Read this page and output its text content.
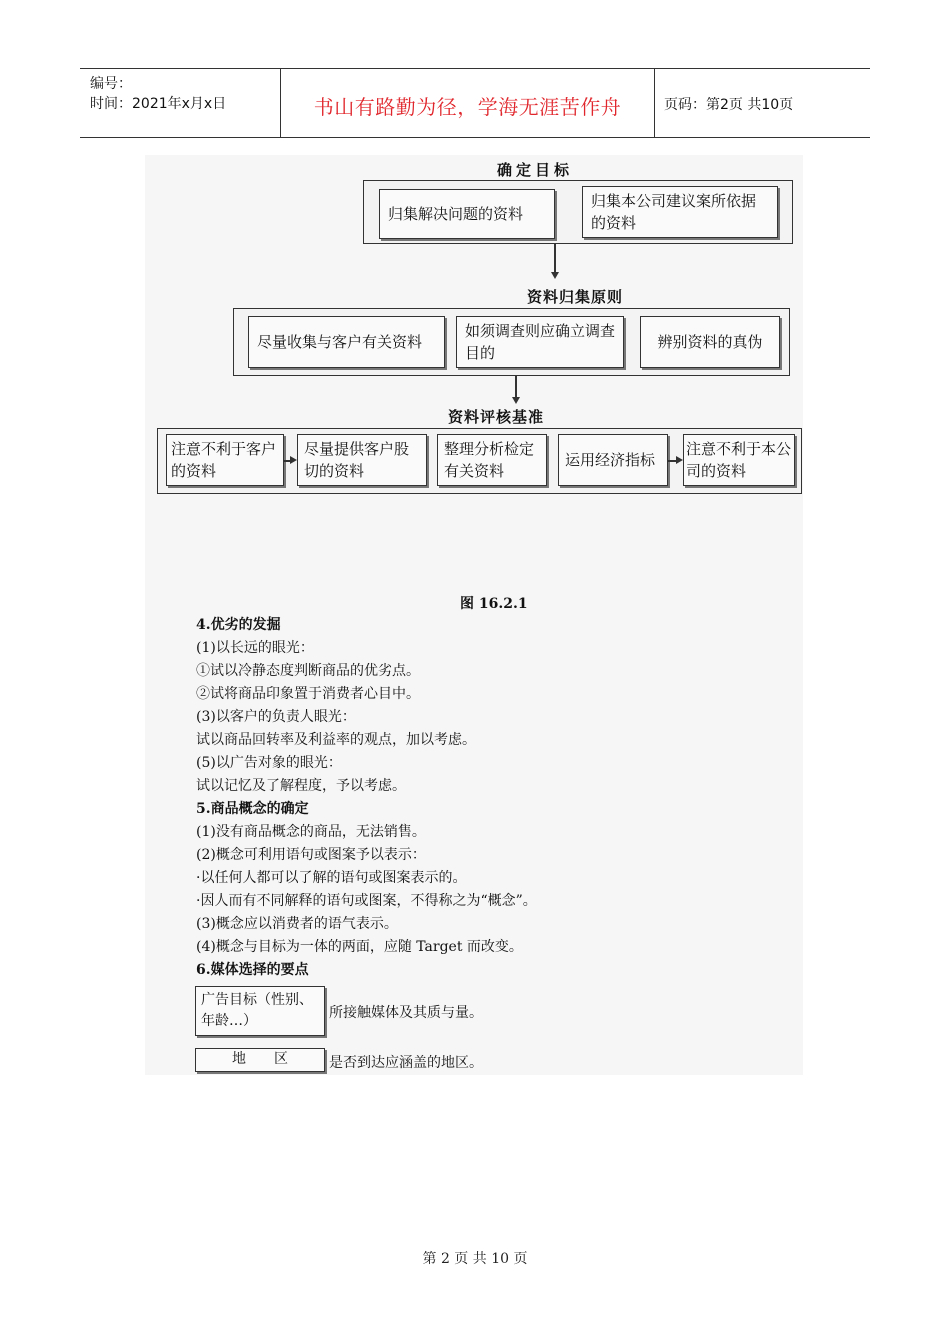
编号：
时间：2021年x月x日	书山有路勤为径，学海无涯苦作舟	页码：第2页 共10页
确定目标
归集解决问题的资料
归集本公司建议案所依据的资料
资料归集原则
尽量收集与客户有关资料
如须调查则应确立调查目的
辨别资料的真伪
资料评核基准
注意不利于客户的资料
尽量提供客户股切的资料
整理分析检定有关资料
运用经济指标
注意不利于本公司的资料
图 16.2.1
4.优劣的发掘
(1)以长远的眼光：
①试以冷静态度判断商品的优劣点。
②试将商品印象置于消费者心目中。
(3)以客户的负责人眼光：
试以商品回转率及利益率的观点，加以考虑。
(5)以广告对象的眼光：
试以记忆及了解程度，予以考虑。
5.商品概念的确定
(1)没有商品概念的商品，无法销售。
(2)概念可利用语句或图案予以表示：
·以任何人都可以了解的语句或图案表示的。
·因人而有不同解释的语句或图案，不得称之为“概念”。
(3)概念应以消费者的语气表示。
(4)概念与目标为一体的两面，应随 Target 而改变。
6.媒体选择的要点
广告目标（性别、年龄…）	所接触媒体及其质与量。
地　　区	是否到达应涵盖的地区。
第 2 页 共 10 页
